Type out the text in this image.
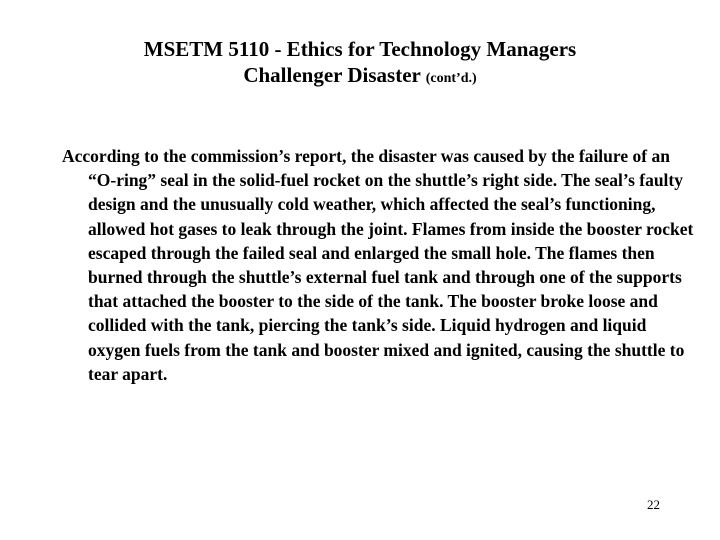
MSETM 5110 - Ethics for Technology Managers
Challenger Disaster (cont’d.)

According to the commission’s report, the disaster was caused by the failure of an “O-ring” seal in the solid-fuel rocket on the shuttle’s right side. The seal’s faulty design and the unusually cold weather, which affected the seal’s functioning, allowed hot gases to leak through the joint. Flames from inside the booster rocket escaped through the failed seal and enlarged the small hole. The flames then burned through the shuttle’s external fuel tank and through one of the supports that attached the booster to the side of the tank. The booster broke loose and collided with the tank, piercing the tank’s side. Liquid hydrogen and liquid oxygen fuels from the tank and booster mixed and ignited, causing the shuttle to tear apart.

22
